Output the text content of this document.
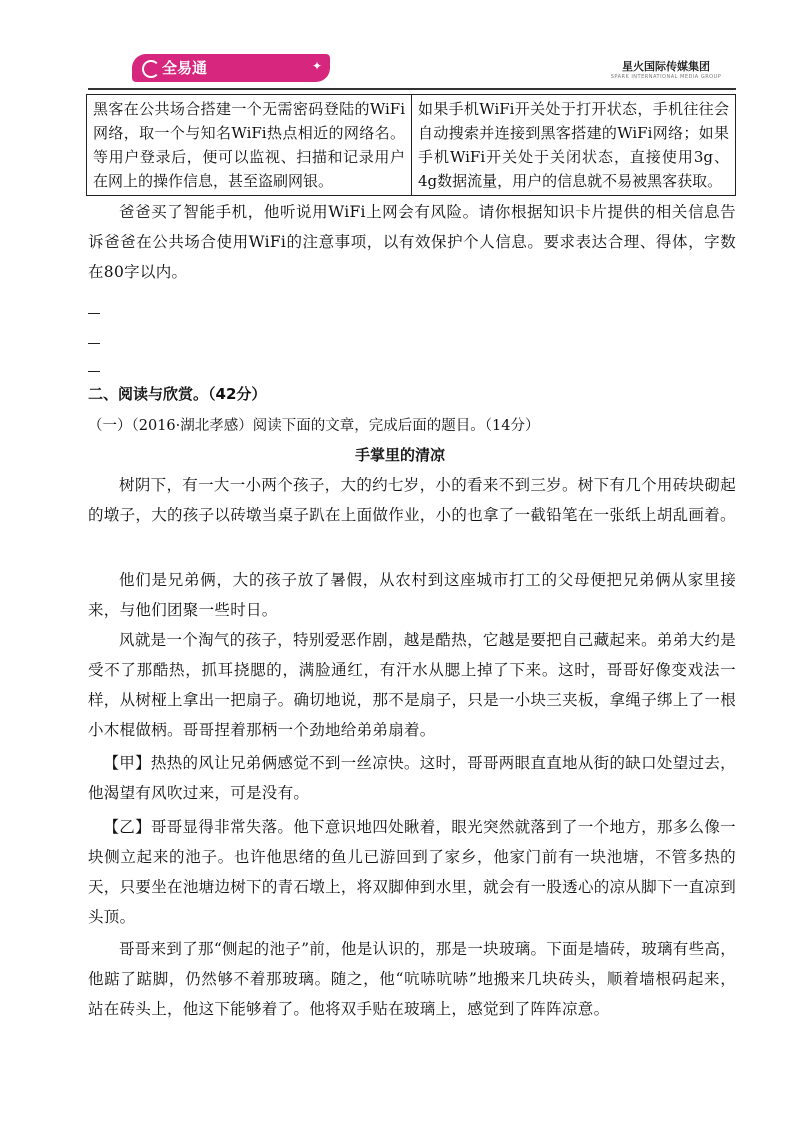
全易通	✦	星火国际传媒集团
SPARK INTERNATIONAL MEDIA GROUP
黑客在公共场合搭建一个无需密码登陆的WiFi网络，取一个与知名WiFi热点相近的网络名。等用户登录后，便可以监视、扫描和记录用户在网上的操作信息，甚至盗刷网银。	如果手机WiFi开关处于打开状态，手机往往会自动搜索并连接到黑客搭建的WiFi网络；如果手机WiFi开关处于关闭状态，直接使用3g、4g数据流量，用户的信息就不易被黑客获取。
爸爸买了智能手机，他听说用WiFi上网会有风险。请你根据知识卡片提供的相关信息告诉爸爸在公共场合使用WiFi的注意事项，以有效保护个人信息。要求表达合理、得体，字数在80字以内。
二、阅读与欣赏。（42分）
（一）（2016·湖北孝感）阅读下面的文章，完成后面的题目。（14分）
手掌里的清凉
树阴下，有一大一小两个孩子，大的约七岁，小的看来不到三岁。树下有几个用砖块砌起的墩子，大的孩子以砖墩当桌子趴在上面做作业，小的也拿了一截铅笔在一张纸上胡乱画着。
他们是兄弟俩，大的孩子放了暑假，从农村到这座城市打工的父母便把兄弟俩从家里接来，与他们团聚一些时日。
风就是一个淘气的孩子，特别爱恶作剧，越是酷热，它越是要把自己藏起来。弟弟大约是受不了那酷热，抓耳挠腮的，满脸通红，有汗水从腮上掉了下来。这时，哥哥好像变戏法一样，从树桠上拿出一把扇子。确切地说，那不是扇子，只是一小块三夹板，拿绳子绑上了一根小木棍做柄。哥哥捏着那柄一个劲地给弟弟扇着。
【甲】热热的风让兄弟俩感觉不到一丝凉快。这时，哥哥两眼直直地从街的缺口处望过去，他渴望有风吹过来，可是没有。
【乙】哥哥显得非常失落。他下意识地四处瞅着，眼光突然就落到了一个地方，那多么像一块侧立起来的池子。也许他思绪的鱼儿已游回到了家乡，他家门前有一块池塘，不管多热的天，只要坐在池塘边树下的青石墩上，将双脚伸到水里，就会有一股透心的凉从脚下一直凉到头顶。
哥哥来到了那“侧起的池子”前，他是认识的，那是一块玻璃。下面是墙砖，玻璃有些高，他踮了踮脚，仍然够不着那玻璃。随之，他“吭哧吭哧”地搬来几块砖头，顺着墙根码起来，站在砖头上，他这下能够着了。他将双手贴在玻璃上，感觉到了阵阵凉意。
